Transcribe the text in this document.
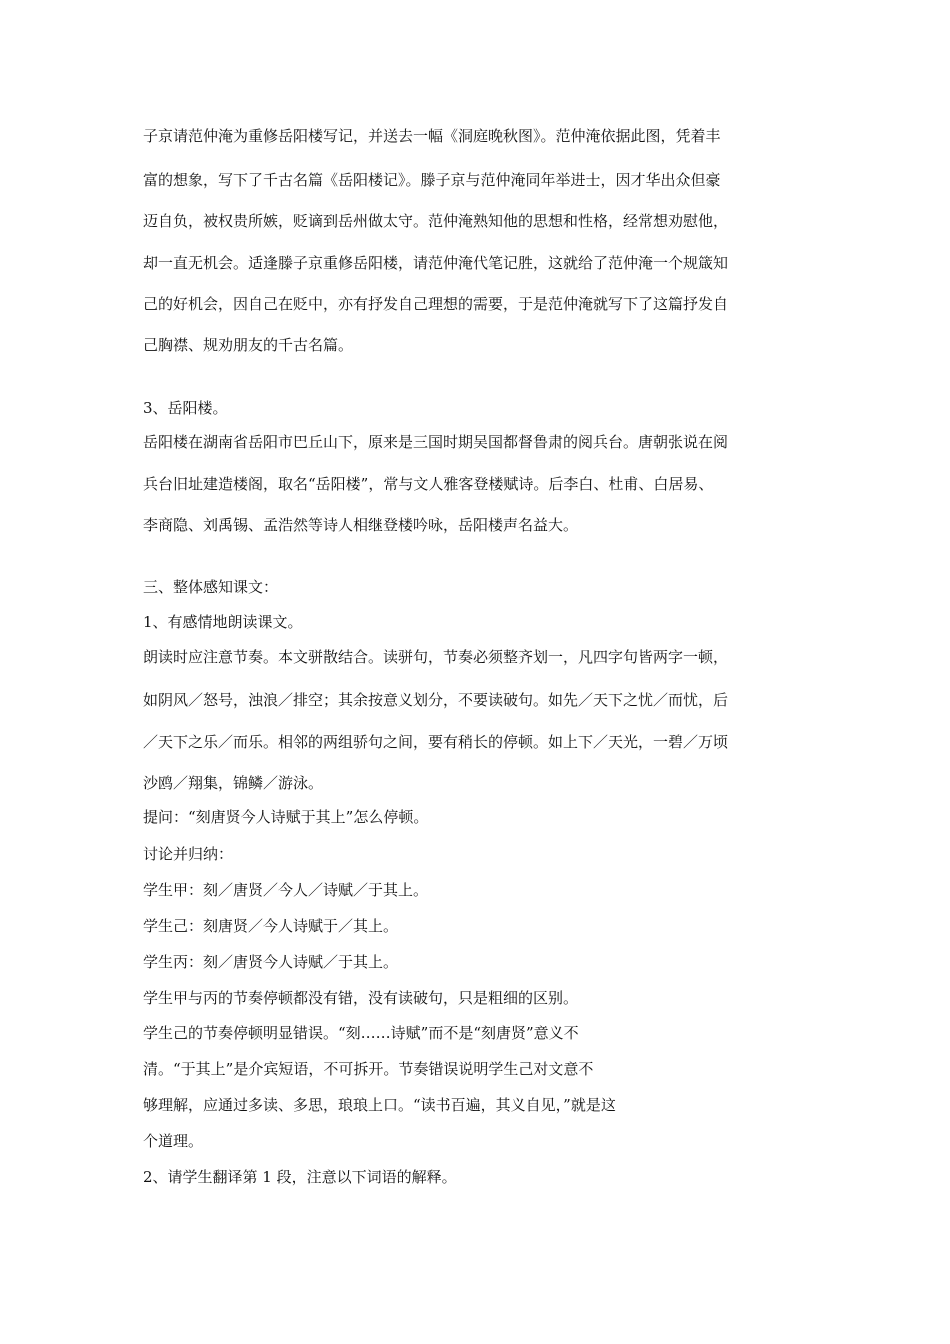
子京请范仲淹为重修岳阳楼写记，并送去一幅《洞庭晚秋图》。范仲淹依据此图，凭着丰
富的想象，写下了千古名篇《岳阳楼记》。滕子京与范仲淹同年举进士，因才华出众但豪
迈自负，被权贵所嫉，贬谪到岳州做太守。范仲淹熟知他的思想和性格，经常想劝慰他，
却一直无机会。适逢滕子京重修岳阳楼，请范仲淹代笔记胜，这就给了范仲淹一个规箴知
己的好机会，因自己在贬中，亦有抒发自己理想的需要，于是范仲淹就写下了这篇抒发自
己胸襟、规劝朋友的千古名篇。
3、岳阳楼。
岳阳楼在湖南省岳阳市巴丘山下，原来是三国时期吴国都督鲁肃的阅兵台。唐朝张说在阅
兵台旧址建造楼阁，取名“岳阳楼”，常与文人雅客登楼赋诗。后李白、杜甫、白居易、
李商隐、刘禹锡、孟浩然等诗人相继登楼吟咏，岳阳楼声名益大。
三、整体感知课文：
1、有感情地朗读课文。
朗读时应注意节奏。本文骈散结合。读骈句，节奏必须整齐划一，凡四字句皆两字一顿，
如阴风／怒号，浊浪／排空；其余按意义划分，不要读破句。如先／天下之忧／而忧，后
／天下之乐／而乐。相邻的两组骄句之间，要有稍长的停顿。如上下／天光，一碧／万顷
沙鸥／翔集，锦鳞／游泳。
提问：“刻唐贤今人诗赋于其上”怎么停顿。
讨论并归纳：
学生甲：刻／唐贤／今人／诗赋／于其上。
学生己：刻唐贤／今人诗赋于／其上。
学生丙：刻／唐贤今人诗赋／于其上。
学生甲与丙的节奏停顿都没有错，没有读破句，只是粗细的区别。
学生己的节奏停顿明显错误。“刻……诗赋”而不是“刻唐贤”意义不
清。“于其上”是介宾短语，不可拆开。节奏错误说明学生己对文意不
够理解，应通过多读、多思，琅琅上口。“读书百遍，其义自见，”就是这
个道理。
2、请学生翻译第 1 段，注意以下词语的解释。
